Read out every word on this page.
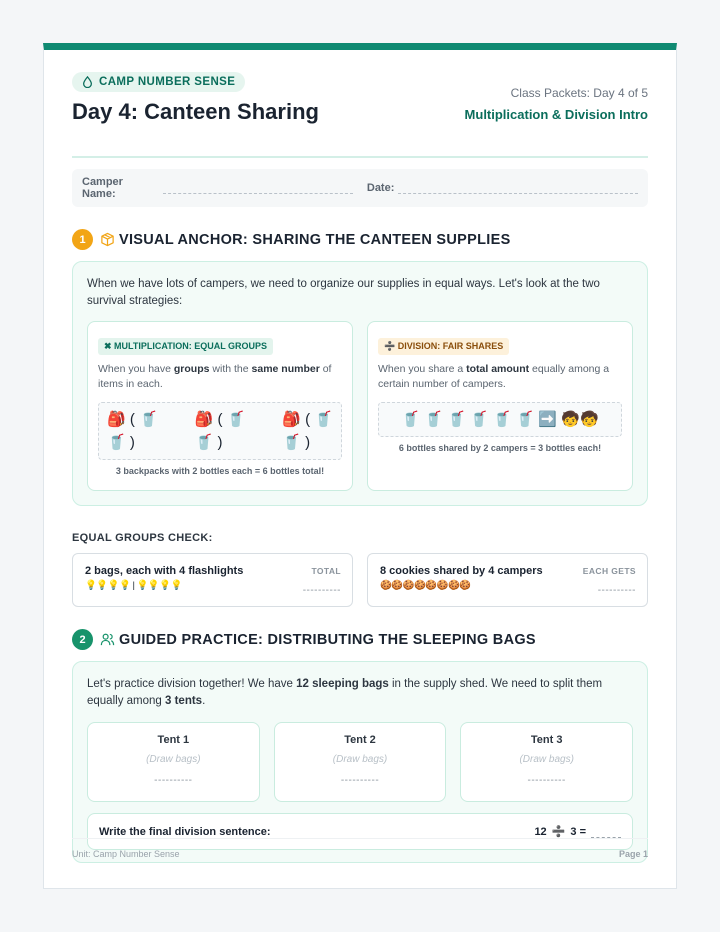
CAMP NUMBER SENSE
Day 4: Canteen Sharing
Class Packets: Day 4 of 5
Multiplication & Division Intro
Camper Name:	Date:
1	VISUAL ANCHOR: SHARING THE CANTEEN SUPPLIES
When we have lots of campers, we need to organize our supplies in equal ways. Let's look at the two survival strategies:
✖ MULTIPLICATION: EQUAL GROUPS
When you have groups with the same number of items in each.
🎒 ( 🥤
🥤 )
🎒 ( 🥤
🥤 )
🎒 ( 🥤
🥤 )
3 backpacks with 2 bottles each = 6 bottles total!
➗ DIVISION: FAIR SHARES
When you share a total amount equally among a certain number of campers.
🥤 🥤 🥤 🥤 🥤 🥤 ➡️ 🧒🧒
6 bottles shared by 2 campers = 3 bottles each!
EQUAL GROUPS CHECK:
2 bags, each with 4 flashlights
💡💡💡💡 | 💡💡💡💡
TOTAL
----------
8 cookies shared by 4 campers
🍪🍪🍪🍪🍪🍪🍪🍪
EACH GETS
----------
2	GUIDED PRACTICE: DISTRIBUTING THE SLEEPING BAGS
Let's practice division together! We have 12 sleeping bags in the supply shed. We need to split them equally among 3 tents.
Tent 1
(Draw bags)
----------
Tent 2
(Draw bags)
----------
Tent 3
(Draw bags)
----------
Write the final division sentence:	12 ➗ 3 =
Unit: Camp Number Sense	Page 1
